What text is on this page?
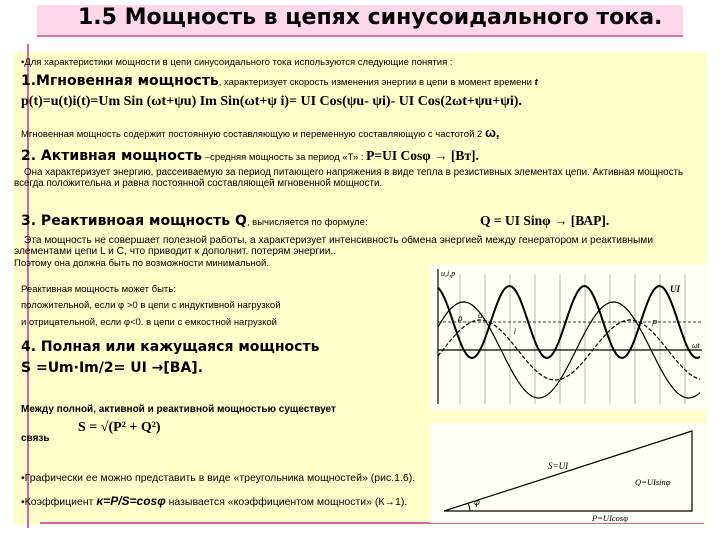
1.5 Мощность в цепях синусоидального тока.
•Для характеристики мощности в цепи синусоидального тока используются следующие понятия :
1.Мгновенная мощность, характеризует скорость изменения энергии в цепи в момент времени t
p(t)=u(t)i(t)=Um Sin (ωt+ψu) Im Sin(ωt+ψ i)= UI Cos(ψu- ψi)- UI Cos(2ωt+ψu+ψi).
Мгновенная мощность содержит постоянную составляющую и переменную составляющую с частотой 2 ω,
2. Активная мощность –средняя мощность за период «Т» : P=UI Cosφ → [Вт].
Она характеризует энергию, рассеиваемую за период питающего напряжения в виде тепла в резистивных элементах цепи. Активная мощность всегда положительна и равна постоянной составляющей мгновенной мощности.
3. Реактивноая мощность Q, вычисляется по формуле:	Q = UI Sinφ → [ВАР].
Эта мощность не совершает полезной работы, а характеризует интенсивность обмена энергией между генератором и реактивными элементами цепи L и C, что приводит к дополнит. потерям энергии..
Поэтому она должна быть по возможности минимальной.
Реактивная мощность может быть:
положительной, если φ >0 в цепи с индуктивной нагрузкой
и отрицательной, если φ<0. в цепи с емкостной нагрузкой
4. Полная или кажущаяся мощность
S =Um·Im/2= UI →[ВА].
Между полной, активной и реактивной мощностью существует
связь
S = √(P² + Q²)
•Графически ее можно представить в виде «треугольника мощностей» (рис.1.6).
•Коэффициент κ=P/S=cosφ называется «коэффициентом мощности» (К→1).
u,i,p
UI
p u
i
P
ωt
φ
S=UI
Q=UIsinφ
P=UIcosφ
